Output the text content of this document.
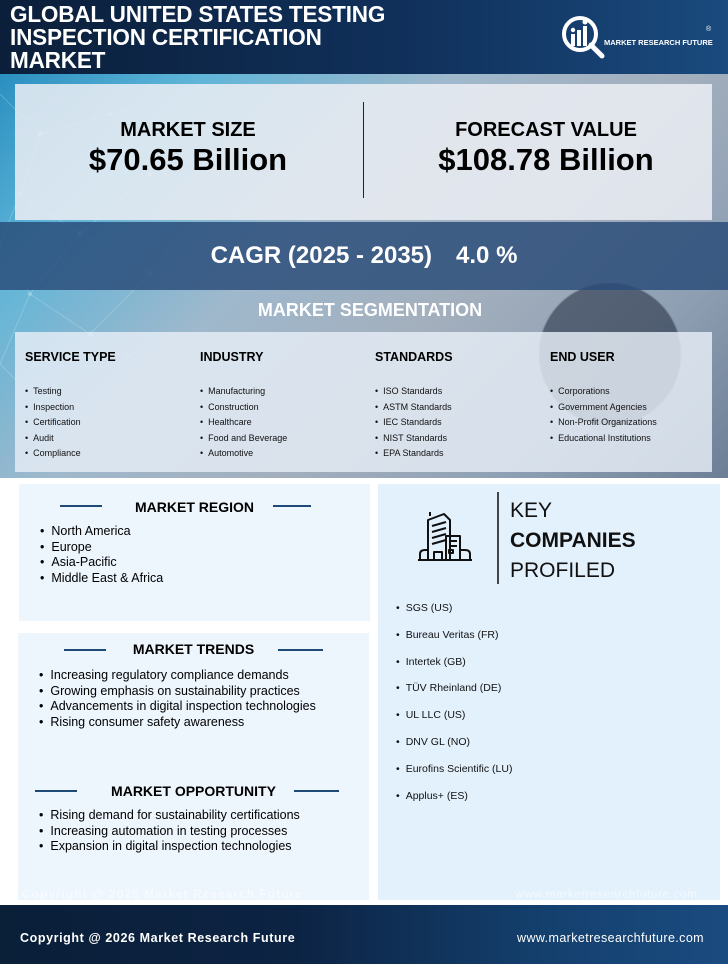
GLOBAL UNITED STATES TESTING
INSPECTION CERTIFICATION
MARKET
MARKET RESEARCH FUTURE
®
MARKET SIZE
$70.65 Billion
FORECAST VALUE
$108.78 Billion
CAGR (2025 - 2035) 4.0 %
MARKET SEGMENTATION
SERVICE TYPE
• Testing
• Inspection
• Certification
• Audit
• Compliance
INDUSTRY
• Manufacturing
• Construction
• Healthcare
• Food and Beverage
• Automotive
STANDARDS
• ISO Standards
• ASTM Standards
• IEC Standards
• NIST Standards
• EPA Standards
END USER
• Corporations
• Government Agencies
• Non-Profit Organizations
• Educational Institutions
MARKET REGION
• North America
• Europe
• Asia-Pacific
• Middle East & Africa
MARKET TRENDS
• Increasing regulatory compliance demands
• Growing emphasis on sustainability practices
• Advancements in digital inspection technologies
• Rising consumer safety awareness
MARKET OPPORTUNITY
• Rising demand for sustainability certifications
• Increasing automation in testing processes
• Expansion in digital inspection technologies
KEY
COMPANIES
PROFILED
• SGS (US)
• Bureau Veritas (FR)
• Intertek (GB)
• TÜV Rheinland (DE)
• UL LLC (US)
• DNV GL (NO)
• Eurofins Scientific (LU)
• Applus+ (ES)
Copyright @ 2025 Market Research Future	www.marketresearchfuture.com
Copyright @ 2026 Market Research Future	www.marketresearchfuture.com
